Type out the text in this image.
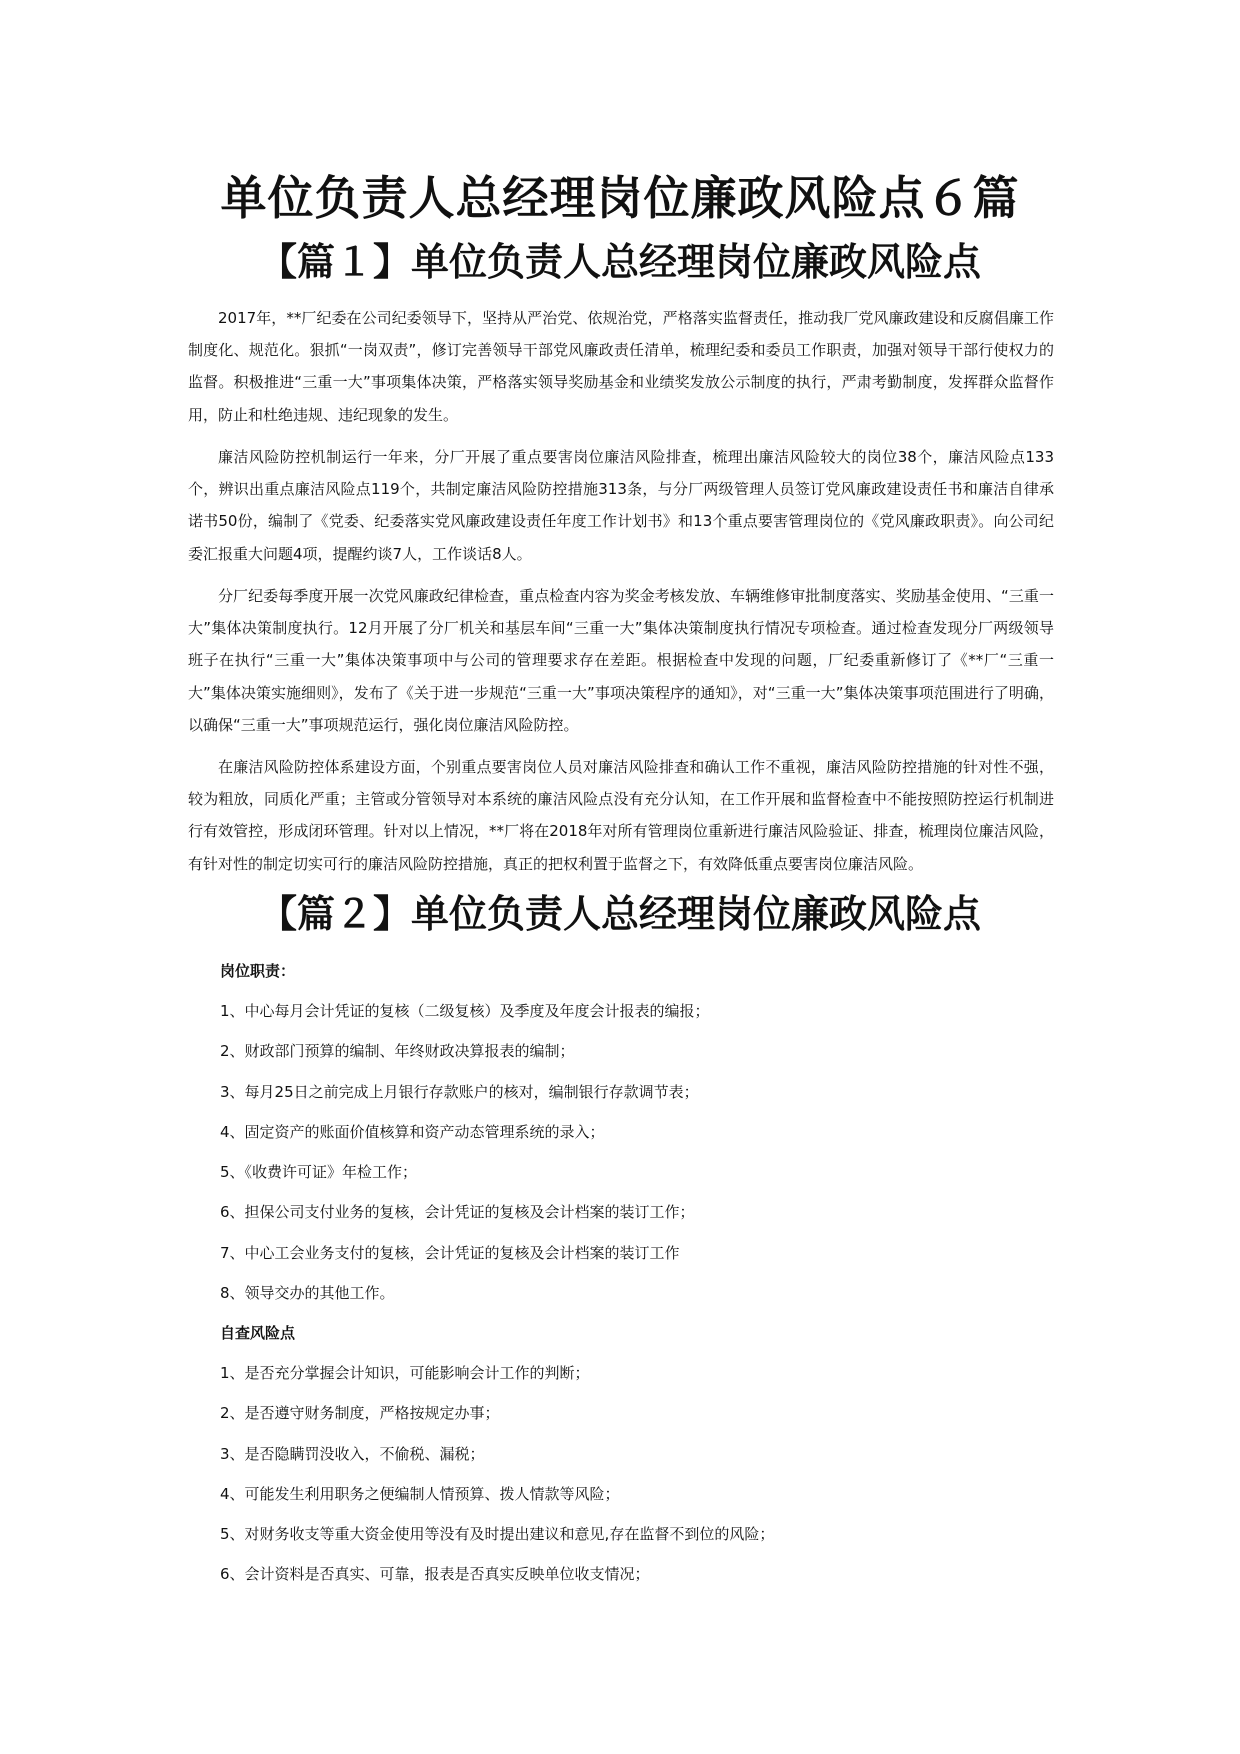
单位负责人总经理岗位廉政风险点６篇
【篇１】单位负责人总经理岗位廉政风险点

2017年，**厂纪委在公司纪委领导下，坚持从严治党、依规治党，严格落实监督责任，推动我厂党风廉政建设和反腐倡廉工作制度化、规范化。狠抓“一岗双责”，修订完善领导干部党风廉政责任清单，梳理纪委和委员工作职责，加强对领导干部行使权力的监督。积极推进“三重一大”事项集体决策，严格落实领导奖励基金和业绩奖发放公示制度的执行，严肃考勤制度，发挥群众监督作用，防止和杜绝违规、违纪现象的发生。

廉洁风险防控机制运行一年来，分厂开展了重点要害岗位廉洁风险排查，梳理出廉洁风险较大的岗位38个，廉洁风险点133个，辨识出重点廉洁风险点119个，共制定廉洁风险防控措施313条，与分厂两级管理人员签订党风廉政建设责任书和廉洁自律承诺书50份，编制了《党委、纪委落实党风廉政建设责任年度工作计划书》和13个重点要害管理岗位的《党风廉政职责》。向公司纪委汇报重大问题4项，提醒约谈7人，工作谈话8人。

分厂纪委每季度开展一次党风廉政纪律检查，重点检查内容为奖金考核发放、车辆维修审批制度落实、奖励基金使用、“三重一大”集体决策制度执行。12月开展了分厂机关和基层车间“三重一大”集体决策制度执行情况专项检查。通过检查发现分厂两级领导班子在执行“三重一大”集体决策事项中与公司的管理要求存在差距。根据检查中发现的问题，厂纪委重新修订了《**厂“三重一大”集体决策实施细则》，发布了《关于进一步规范“三重一大”事项决策程序的通知》，对“三重一大”集体决策事项范围进行了明确，以确保“三重一大”事项规范运行，强化岗位廉洁风险防控。

在廉洁风险防控体系建设方面，个别重点要害岗位人员对廉洁风险排查和确认工作不重视，廉洁风险防控措施的针对性不强，较为粗放，同质化严重；主管或分管领导对本系统的廉洁风险点没有充分认知，在工作开展和监督检查中不能按照防控运行机制进行有效管控，形成闭环管理。针对以上情况，**厂将在2018年对所有管理岗位重新进行廉洁风险验证、排查，梳理岗位廉洁风险，有针对性的制定切实可行的廉洁风险防控措施，真正的把权利置于监督之下，有效降低重点要害岗位廉洁风险。

【篇２】单位负责人总经理岗位廉政风险点

岗位职责：

1、中心每月会计凭证的复核（二级复核）及季度及年度会计报表的编报；

2、财政部门预算的编制、年终财政决算报表的编制；

3、每月25日之前完成上月银行存款账户的核对，编制银行存款调节表；

4、固定资产的账面价值核算和资产动态管理系统的录入；

5、《收费许可证》年检工作；

6、担保公司支付业务的复核，会计凭证的复核及会计档案的装订工作；

7、中心工会业务支付的复核，会计凭证的复核及会计档案的装订工作

8、领导交办的其他工作。

自查风险点

1、是否充分掌握会计知识，可能影响会计工作的判断；

2、是否遵守财务制度，严格按规定办事；

3、是否隐瞒罚没收入，不偷税、漏税；

4、可能发生利用职务之便编制人情预算、拨人情款等风险；

5、对财务收支等重大资金使用等没有及时提出建议和意见,存在监督不到位的风险；

6、会计资料是否真实、可靠，报表是否真实反映单位收支情况；
